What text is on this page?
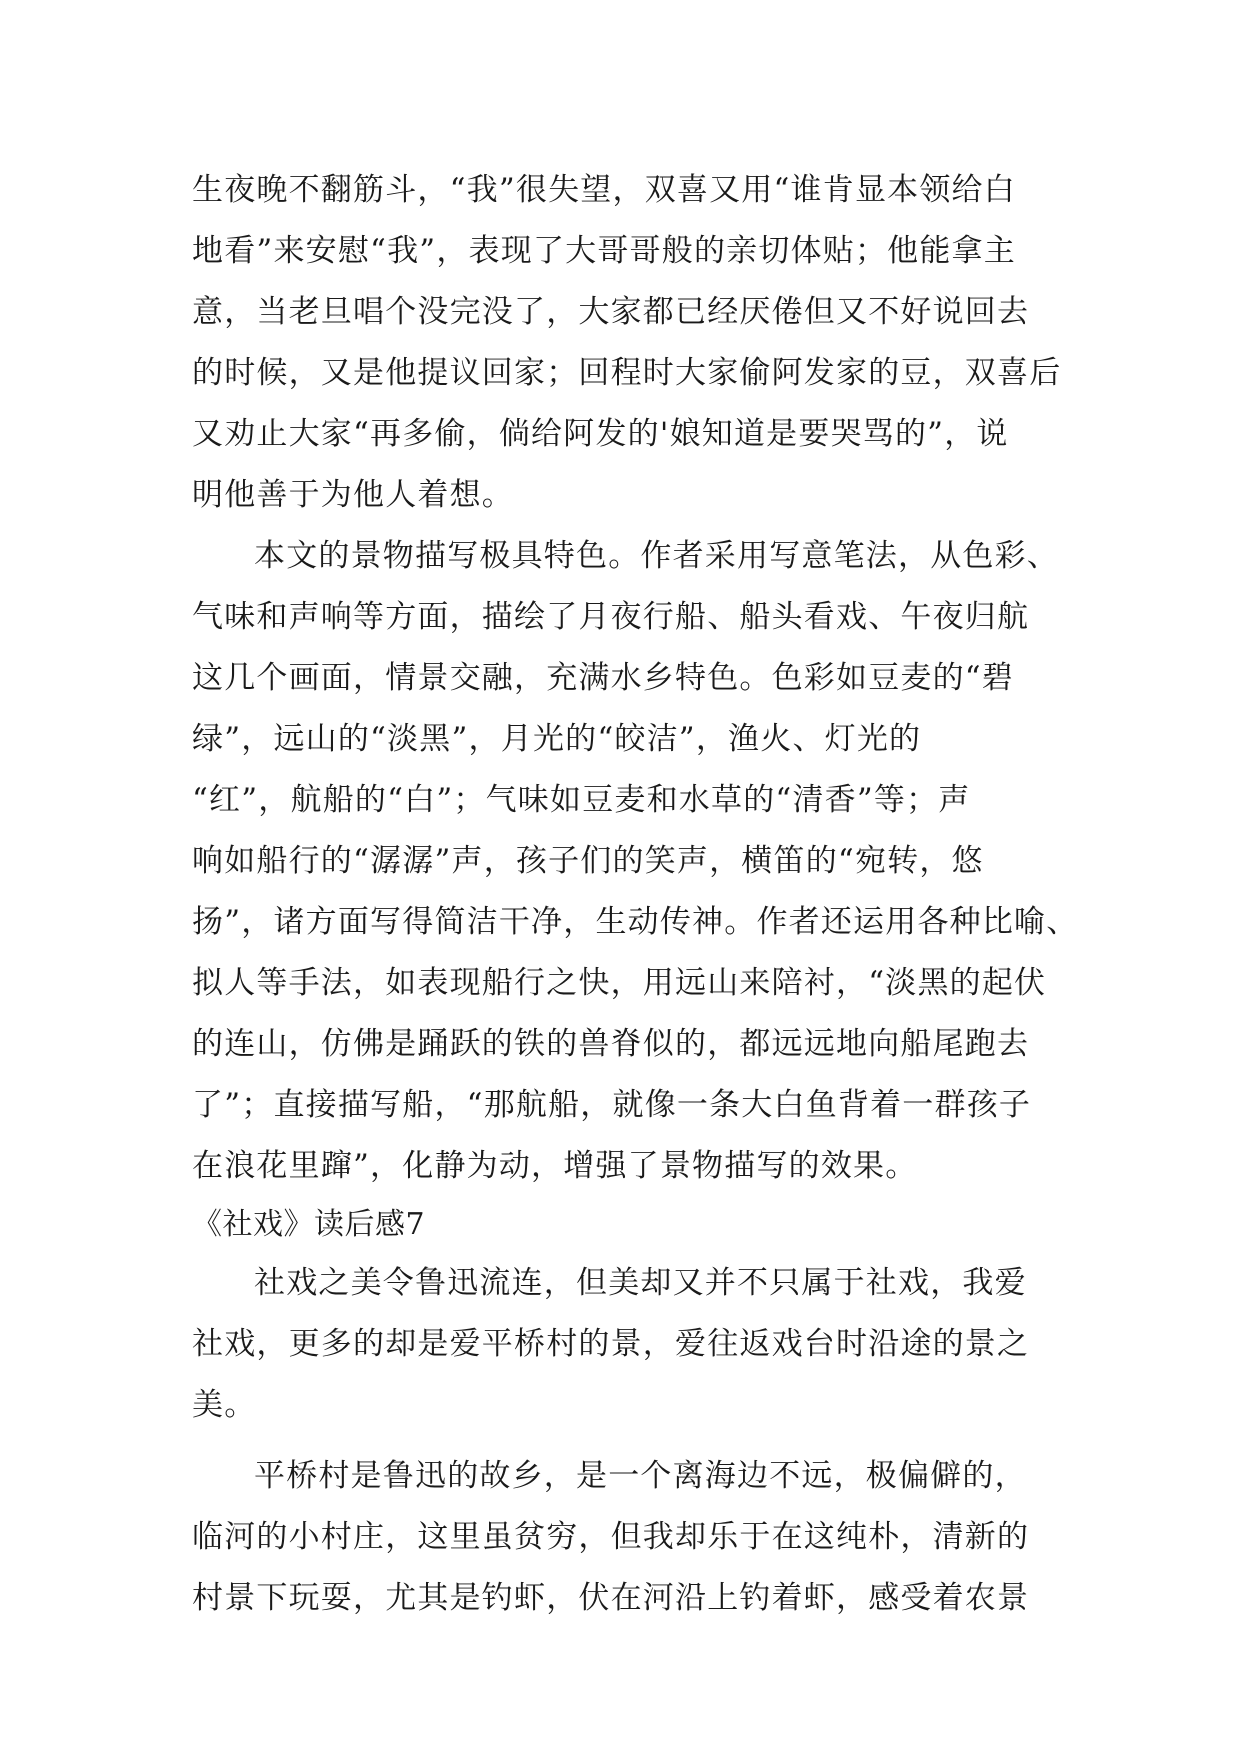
生夜晚不翻筋斗，“我”很失望，双喜又用“谁肯显本领给白
地看”来安慰“我”，表现了大哥哥般的亲切体贴；他能拿主
意，当老旦唱个没完没了，大家都已经厌倦但又不好说回去
的时候，又是他提议回家；回程时大家偷阿发家的豆，双喜后
又劝止大家“再多偷，倘给阿发的'娘知道是要哭骂的”，说
明他善于为他人着想。
本文的景物描写极具特色。作者采用写意笔法，从色彩、
气味和声响等方面，描绘了月夜行船、船头看戏、午夜归航
这几个画面，情景交融，充满水乡特色。色彩如豆麦的“碧
绿”，远山的“淡黑”，月光的“皎洁”，渔火、灯光的
“红”，航船的“白”；气味如豆麦和水草的“清香”等；声
响如船行的“潺潺”声，孩子们的笑声，横笛的“宛转，悠
扬”，诸方面写得简洁干净，生动传神。作者还运用各种比喻、
拟人等手法，如表现船行之快，用远山来陪衬，“淡黑的起伏
的连山，仿佛是踊跃的铁的兽脊似的，都远远地向船尾跑去
了”；直接描写船，“那航船，就像一条大白鱼背着一群孩子
在浪花里蹿”，化静为动，增强了景物描写的效果。
《社戏》读后感7
社戏之美令鲁迅流连，但美却又并不只属于社戏，我爱
社戏，更多的却是爱平桥村的景，爱往返戏台时沿途的景之
美。
平桥村是鲁迅的故乡，是一个离海边不远，极偏僻的，
临河的小村庄，这里虽贫穷，但我却乐于在这纯朴，清新的
村景下玩耍，尤其是钓虾，伏在河沿上钓着虾，感受着农景
